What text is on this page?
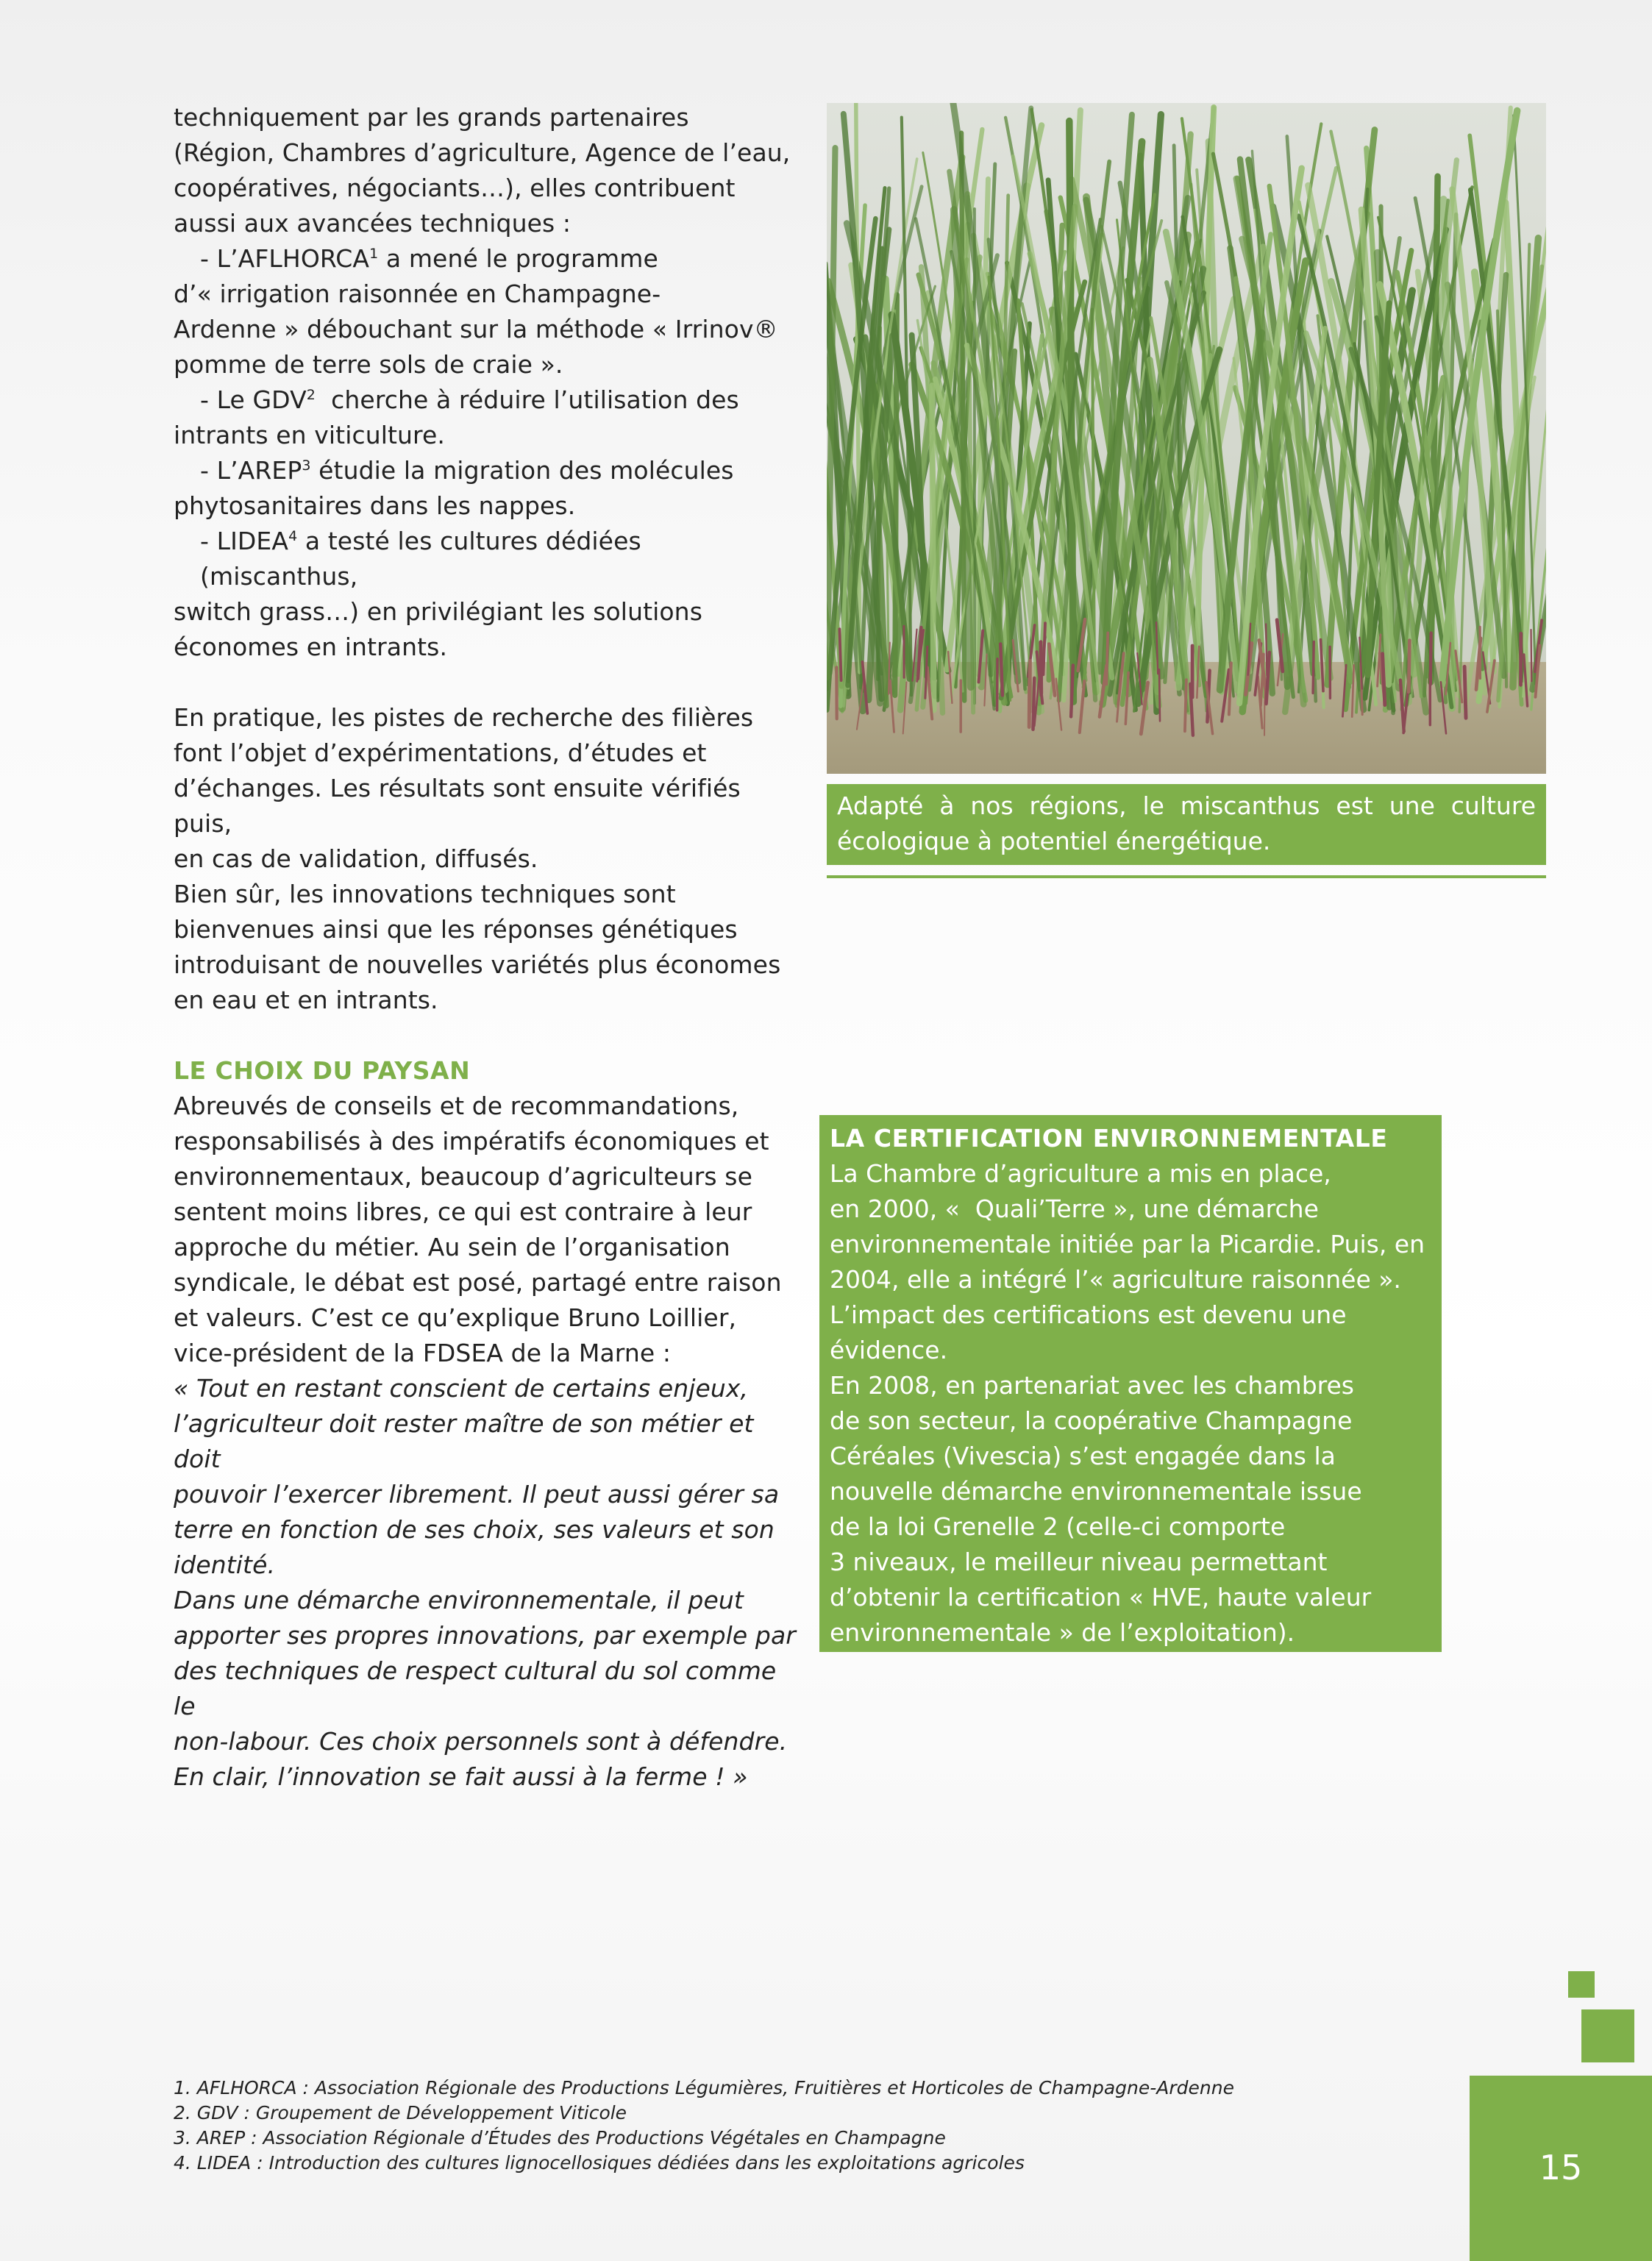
techniquement par les grands partenaires

(Région, Chambres d’agriculture, Agence de l’eau,

coopératives, négociants…), elles contribuent

aussi aux avancées techniques :

- L’AFLHORCA$^1$ a mené le programme

d’« irrigation raisonnée en Champagne-

Ardenne » débouchant sur la méthode « Irrinov®

pomme de terre sols de craie ».

- Le GDV$^2$  cherche à réduire l’utilisation des

intrants en viticulture.

- L’AREP$^3$ étudie la migration des molécules

phytosanitaires dans les nappes.

- LIDEA$^4$ a testé les cultures dédiées (miscanthus,

switch grass…) en privilégiant les solutions

économes en intrants.

En pratique, les pistes de recherche des filières

font l’objet d’expérimentations, d’études et

d’échanges. Les résultats sont ensuite vérifiés puis,

en cas de validation, diffusés.

Bien sûr, les innovations techniques sont

bienvenues ainsi que les réponses génétiques

introduisant de nouvelles variétés plus économes

en eau et en intrants.

LE CHOIX DU PAYSAN

Abreuvés de conseils et de recommandations,

responsabilisés à des impératifs économiques et

environnementaux, beaucoup d’agriculteurs se

sentent moins libres, ce qui est contraire à leur

approche du métier. Au sein de l’organisation

syndicale, le débat est posé, partagé entre raison

et valeurs. C’est ce qu’explique Bruno Loillier,

vice-président de la FDSEA de la Marne :

« Tout en restant conscient de certains enjeux,

l’agriculteur doit rester maître de son métier et doit

pouvoir l’exercer librement. Il peut aussi gérer sa

terre en fonction de ses choix, ses valeurs et son

identité.

Dans une démarche environnementale, il peut

apporter ses propres innovations, par exemple par

des techniques de respect cultural du sol comme le

non-labour. Ces choix personnels sont à défendre.

En clair, l’innovation se fait aussi à la ferme ! »

Adapté à nos régions, le miscanthus est une culture écologique à potentiel énergétique.

LA CERTIFICATION ENVIRONNEMENTALE

La Chambre d’agriculture a mis en place,

en 2000, «  Quali’Terre », une démarche

environnementale initiée par la Picardie. Puis, en

2004, elle a intégré l’« agriculture raisonnée ».

L’impact des certifications est devenu une

évidence.

En 2008, en partenariat avec les chambres

de son secteur, la coopérative Champagne

Céréales (Vivescia) s’est engagée dans la

nouvelle démarche environnementale issue

de la loi Grenelle 2 (celle-ci comporte

3 niveaux, le meilleur niveau permettant

d’obtenir la certification « HVE, haute valeur

environnementale » de l’exploitation).

1. AFLHORCA : Association Régionale des Productions Légumières, Fruitières et Horticoles de Champagne-Ardenne

2. GDV : Groupement de Développement Viticole

3. AREP : Association Régionale d’Études des Productions Végétales en Champagne

4. LIDEA : Introduction des cultures lignocellosiques dédiées dans les exploitations agricoles	15
